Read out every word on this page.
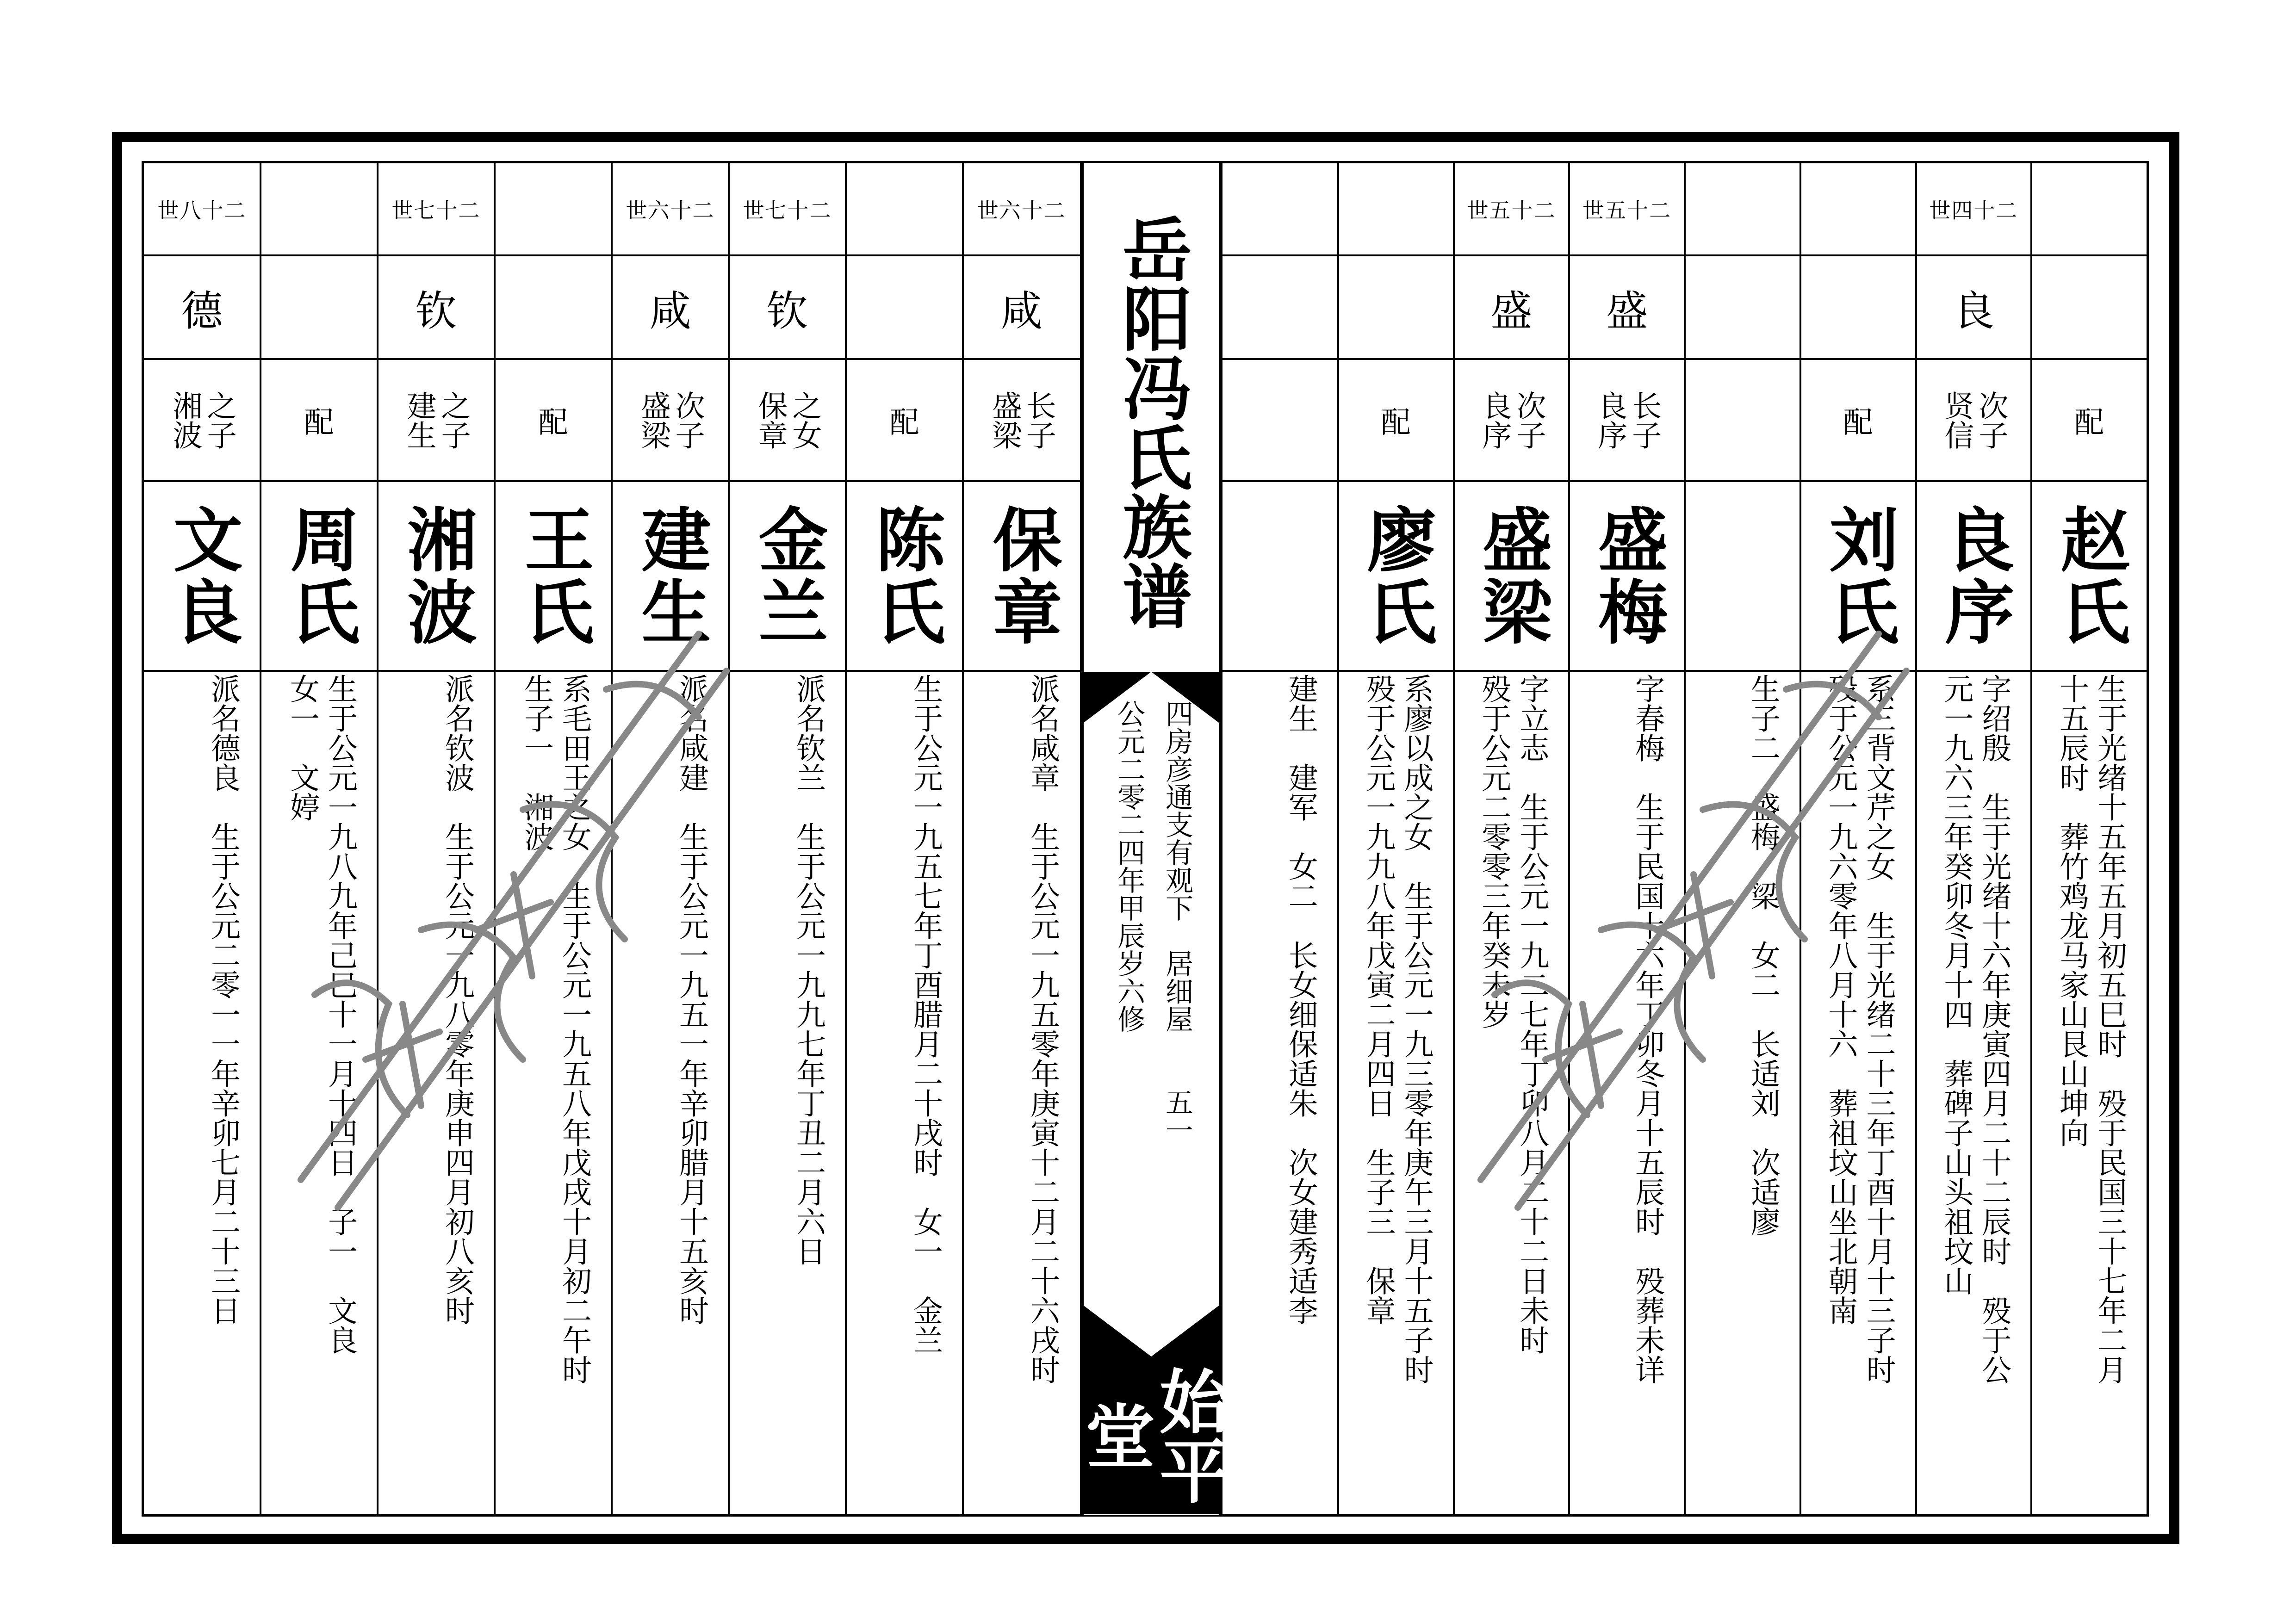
世八十二
德
之子
湘波
文良
派名德良　生于公元二零一一年辛卯七月二十三日
配
周氏
生于公元一九八九年己巳十一月十四日　子一　文良
女一　文婷
世七十二
钦
之子
建生
湘波
派名钦波　生于公元一九八零年庚申四月初八亥时
配
王氏
系毛田王之女　生于公元一九五八年戊戌十月初二午时
生子一　湘波
世六十二
咸
次子
盛梁
建生
派名咸建　生于公元一九五一年辛卯腊月十五亥时
世七十二
钦
之女
保章
金兰
派名钦兰　生于公元一九九七年丁丑二月六日
配
陈氏
生于公元一九五七年丁酉腊月二十戌时　女一　金兰
世六十二
咸
长子
盛梁
保章
派名咸章　生于公元一九五零年庚寅十二月二十六戌时	建生　建军　女二　长女细保适朱　次女建秀适李
配
廖氏
系廖以成之女　生于公元一九三零年庚午三月十五子时
殁于公元一九九八年戊寅二月四日　生子三　保章
世五十二
盛
次子
良序
盛梁
字立志　生于公元一九二七年丁卯八月二十二日未时
殁于公元二零零三年癸未岁
世五十二
盛
长子
良序
盛梅
字春梅　生于民国十六年丁卯冬月十五辰时　殁葬未详	生子二　盛梅　梁　女二　长适刘　次适廖
配
刘氏
系三背文芹之女　生于光绪二十三年丁酉十月十三子时
殁于公元一九六零年八月十六　葬祖坟山坐北朝南
世四十二
良
次子
贤信
良序
字绍殷　生于光绪十六年庚寅四月二十二辰时　殁于公
元一九六三年癸卯冬月十四　葬碑子山头祖坟山
配
赵氏
生于光绪十五年五月初五巳时　殁于民国三十七年二月
十五辰时　葬竹鸡龙马家山艮山坤向
岳阳冯氏族谱
四房彦通支有观下　居细屋　　五一
公元二零二四年甲辰岁六修
始平堂
